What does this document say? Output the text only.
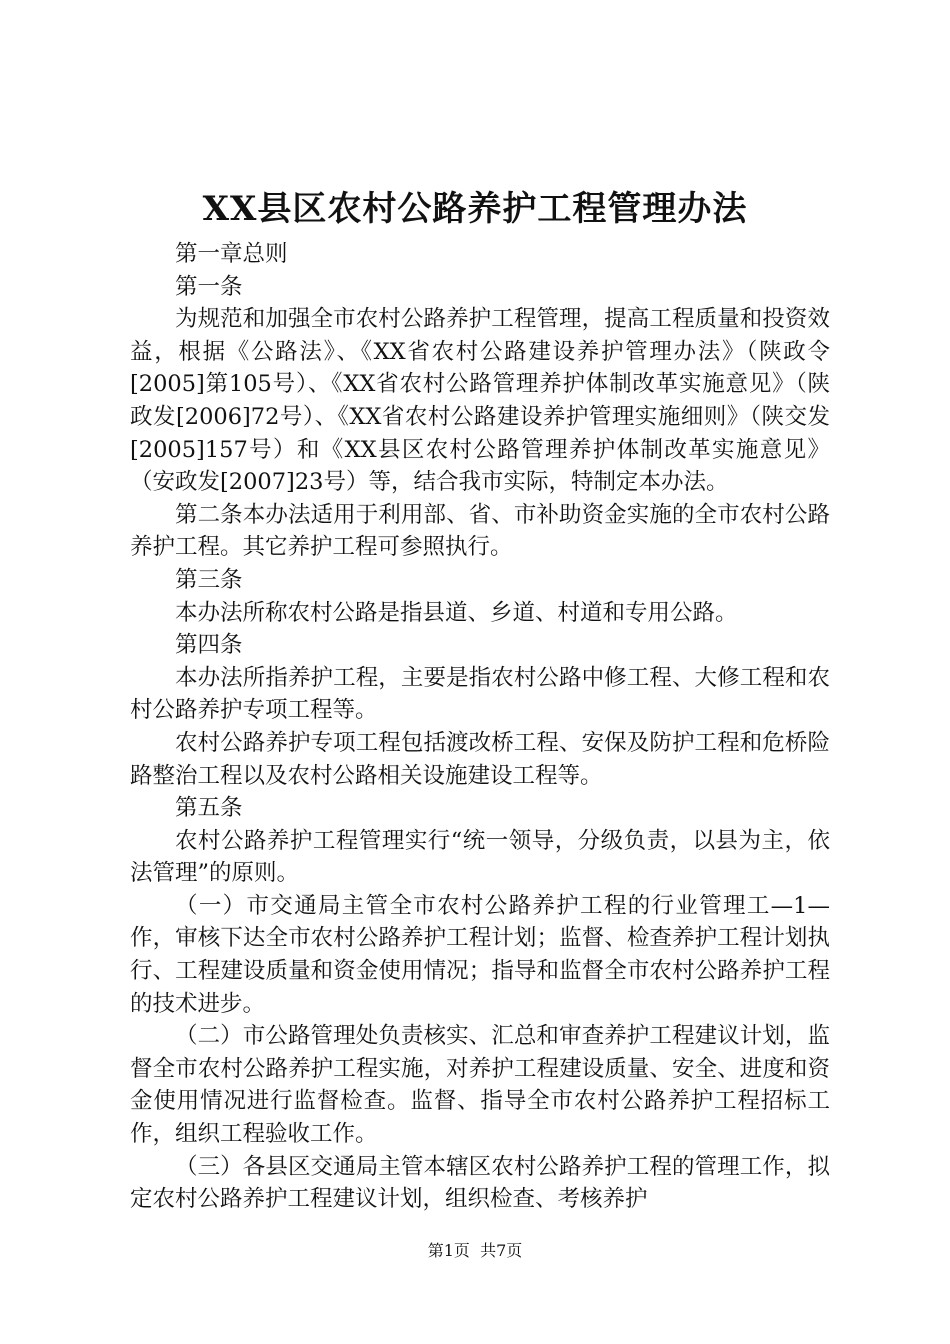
XX县区农村公路养护工程管理办法

第一章总则

第一条

为规范和加强全市农村公路养护工程管理，提高工程质量和投资效益，根据《公路法》、《XX省农村公路建设养护管理办法》（陕政令[2005]第105号）、《XX省农村公路管理养护体制改革实施意见》（陕政发[2006]72号）、《XX省农村公路建设养护管理实施细则》（陕交发[2005]157号）和《XX县区农村公路管理养护体制改革实施意见》（安政发[2007]23号）等，结合我市实际，特制定本办法。

第二条本办法适用于利用部、省、市补助资金实施的全市农村公路养护工程。其它养护工程可参照执行。

第三条

本办法所称农村公路是指县道、乡道、村道和专用公路。

第四条

本办法所指养护工程，主要是指农村公路中修工程、大修工程和农村公路养护专项工程等。

农村公路养护专项工程包括渡改桥工程、安保及防护工程和危桥险路整治工程以及农村公路相关设施建设工程等。

第五条

农村公路养护工程管理实行“统一领导，分级负责，以县为主，依法管理”的原则。

（一）市交通局主管全市农村公路养护工程的行业管理工—1—作，审核下达全市农村公路养护工程计划；监督、检查养护工程计划执行、工程建设质量和资金使用情况；指导和监督全市农村公路养护工程的技术进步。

（二）市公路管理处负责核实、汇总和审查养护工程建议计划，监督全市农村公路养护工程实施，对养护工程建设质量、安全、进度和资金使用情况进行监督检查。监督、指导全市农村公路养护工程招标工作，组织工程验收工作。

（三）各县区交通局主管本辖区农村公路养护工程的管理工作，拟定农村公路养护工程建议计划，组织检查、考核养护

第1页  共7页
